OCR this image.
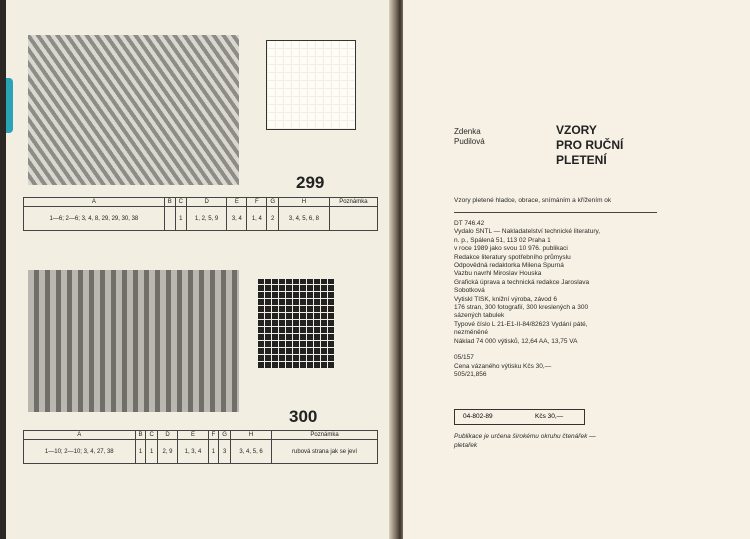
299
A	B	C	D	E	F	G	H	Poznámka
1—6; 2—6; 3, 4, 8, 29, 29, 30, 38		1	1, 2, 5, 9	3, 4	1, 4	2	3, 4, 5, 6, 8	
300
A	B	C	D	E	F	G	H	Poznámka
1—10; 2—10; 3, 4, 27, 38	1	1	2, 9	1, 3, 4	1	3	3, 4, 5, 6	rubová strana jak se jeví
Zdenka
Pudilová
VZORY
PRO RUČNÍ
PLETENÍ
Vzory pletené hladce, obrace, snímáním a křížením ok
DT 746.42
Vydalo SNTL — Nakladatelství technické literatury,
n. p., Spálená 51, 113 02 Praha 1
v roce 1989 jako svou 10 976. publikaci
Redakce literatury spotřebního průmyslu
Odpovědná redaktorka Milena Spurná
Vazbu navrhl Miroslav Houska
Grafická úprava a technická redakce Jaroslava
Sobotková
Vytiskl TISK, knižní výroba, závod 6
176 stran, 300 fotografií, 300 kreslených a 300
sázených tabulek
Typové číslo L 21-E1-II-84/82623 Vydání páté,
nezměněné
Náklad 74 000 výtisků, 12,64 AA, 13,75 VA
05/157
Cena vázaného výtisku Kčs 30,—
505/21,856
04-802-89	Kčs 30,—
Publikace je určena širokému okruhu čtenářek —
pletařek
